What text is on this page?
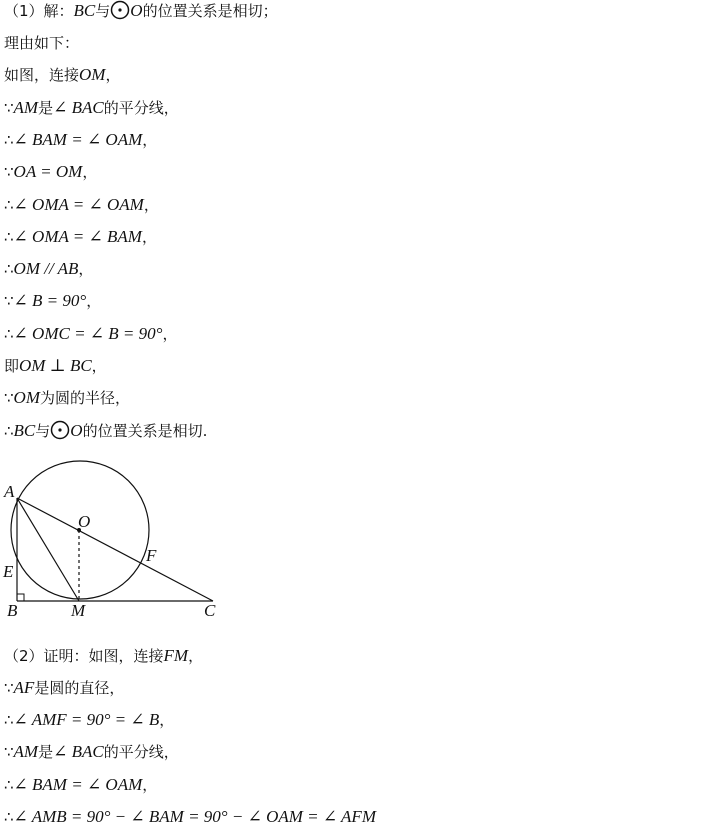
（1）解：BC与 O的位置关系是相切；
理由如下：
如图，连接OM，
∵AM是∠ BAC的平分线，
∴∠ BAM = ∠ OAM，
∵OA = OM，
∴∠ OMA = ∠ OAM，
∴∠ OMA = ∠ BAM，
∴OM // AB，
∵∠ B = 90°，
∴∠ OMC = ∠ B = 90°，
即OM ⊥ BC，
∵OM为圆的半径，
∴BC与 O的位置关系是相切.
A
O
F
E
B	M	C
（2）证明：如图，连接FM，
∵AF是圆的直径，
∴∠ AMF = 90° = ∠ B，
∵AM是∠ BAC的平分线，
∴∠ BAM = ∠ OAM，
∴∠ AMB = 90° − ∠ BAM = 90° − ∠ OAM = ∠ AFM
